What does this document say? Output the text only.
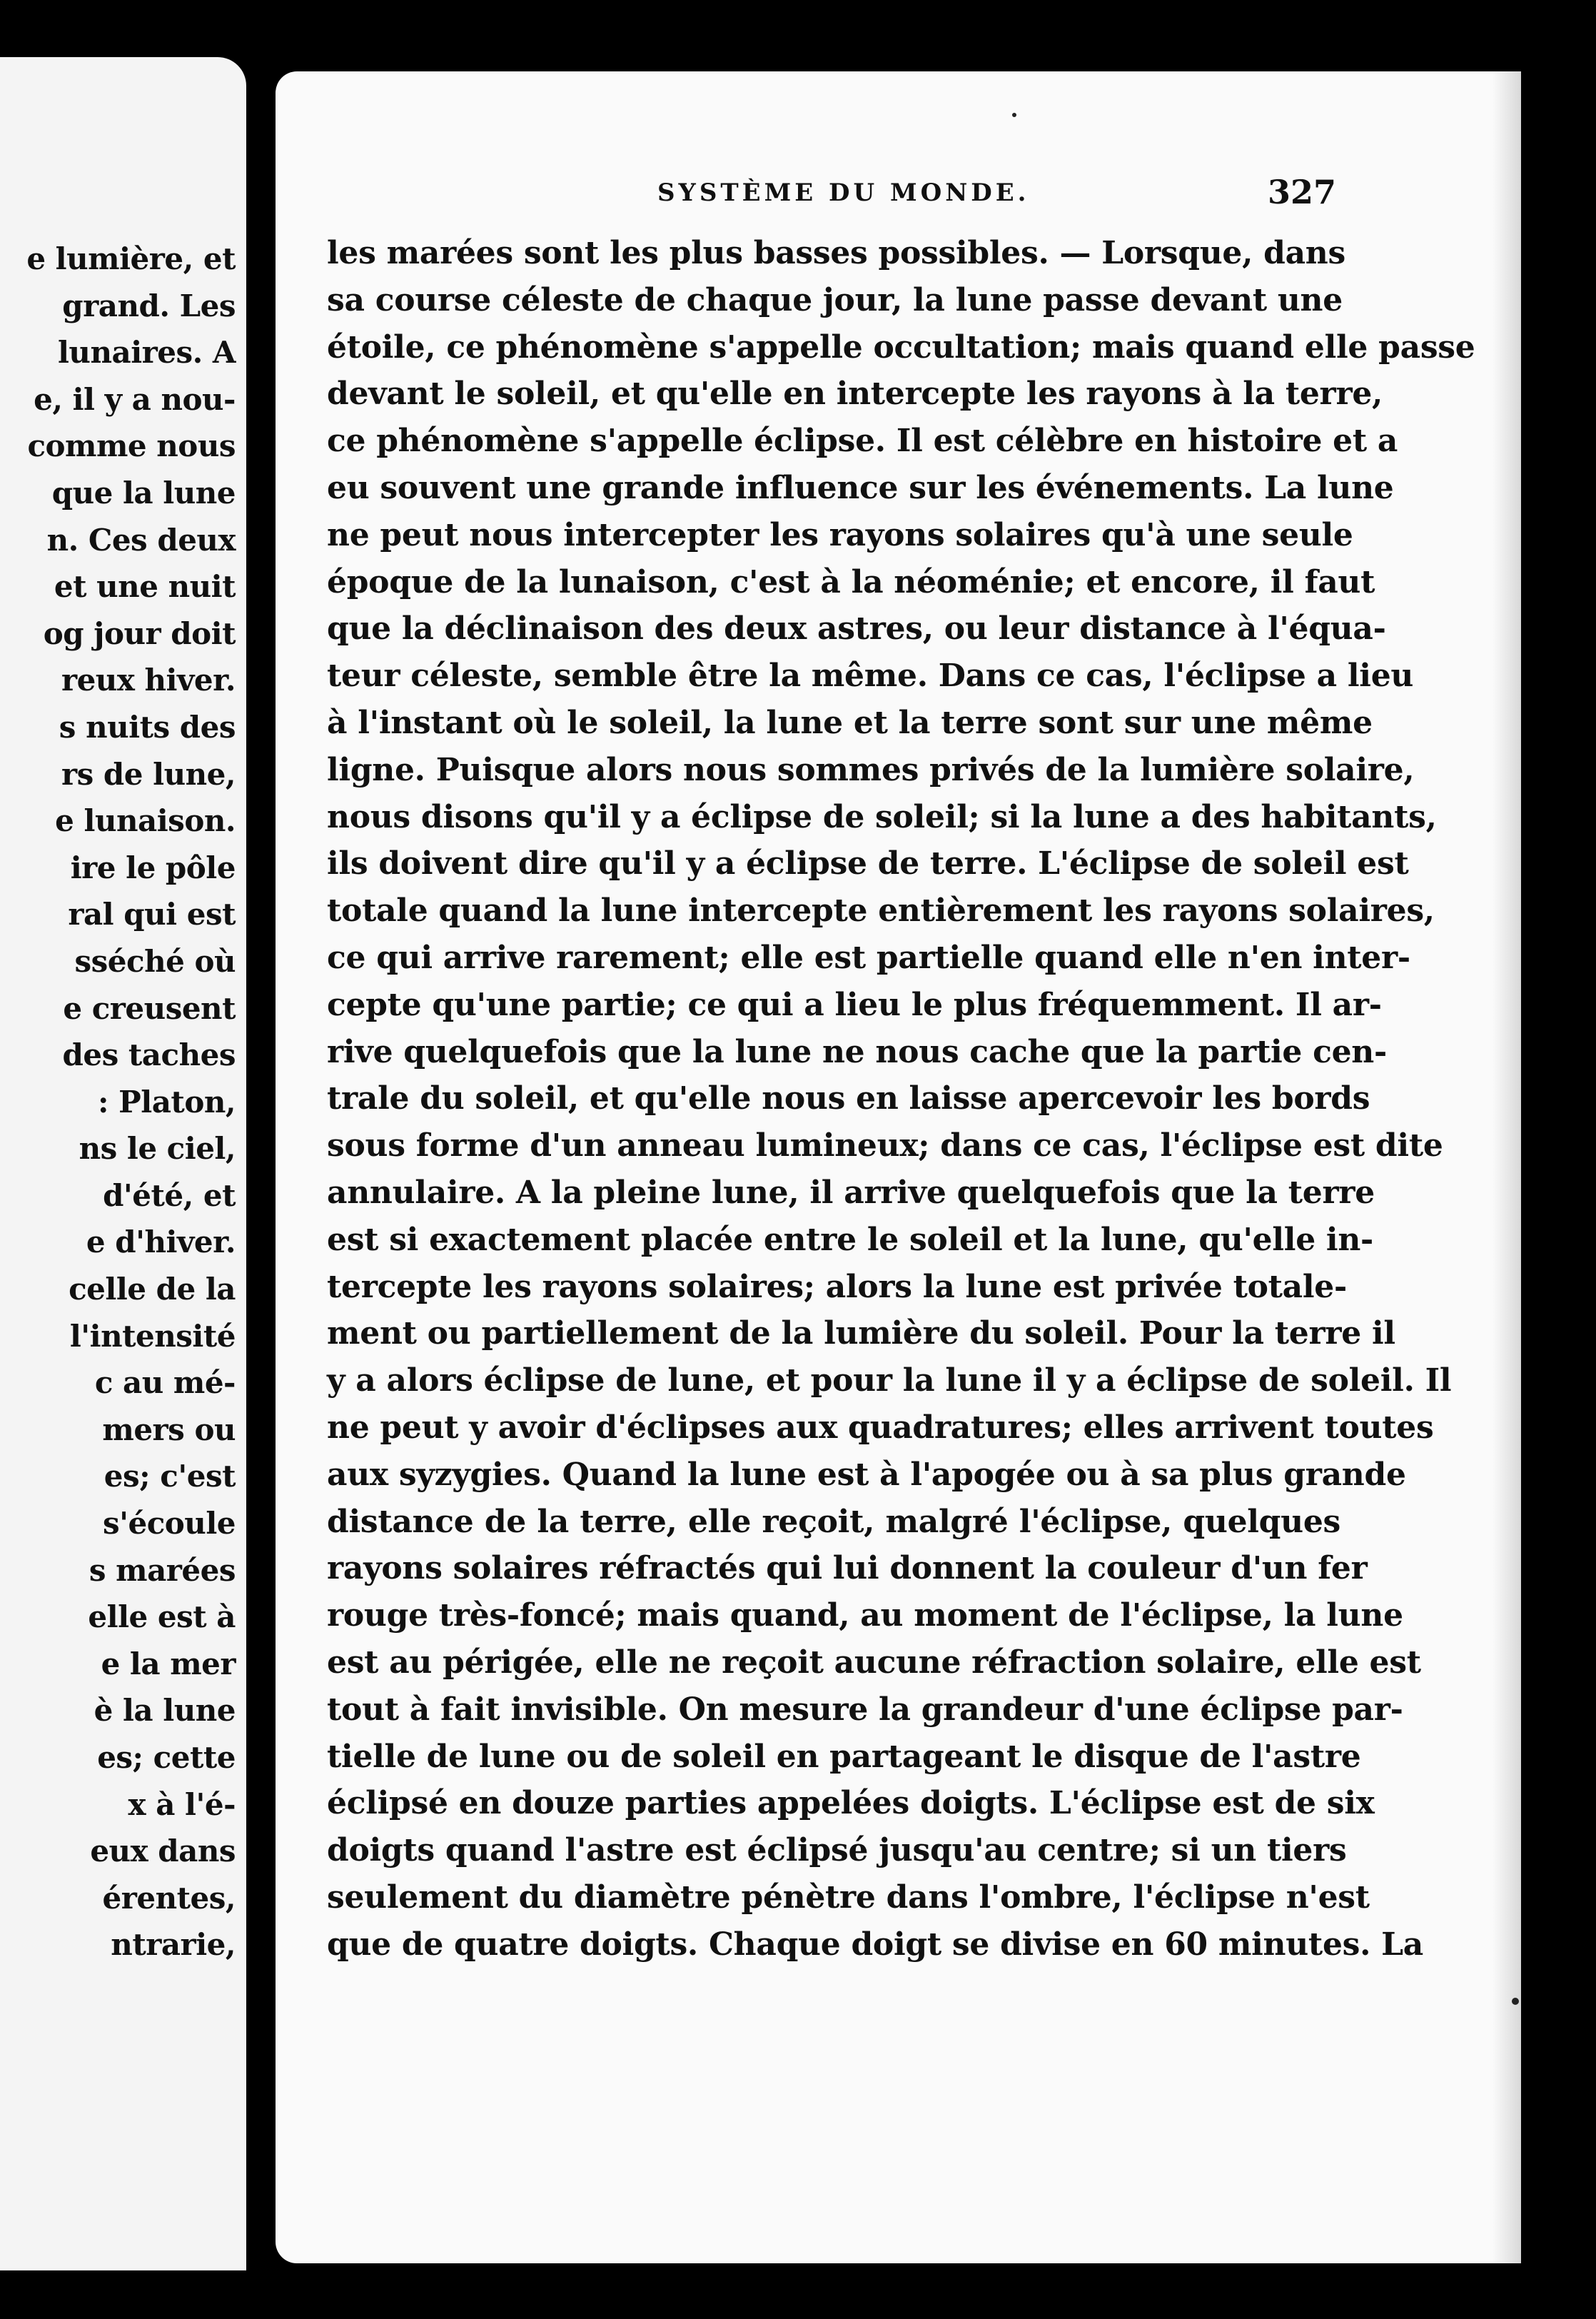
e lumière, et
grand. Les
lunaires. A
e, il y a nou-
comme nous
que la lune
n. Ces deux
et une nuit
og jour doit
reux hiver.
s nuits des
rs de lune,
e lunaison.
ire le pôle
ral qui est
sséché où
e creusent
des taches
: Platon,
ns le ciel,
d'été, et
e d'hiver.
celle de la
l'intensité
c au mé-
mers ou
es; c'est
s'écoule
s marées
elle est à
e la mer
è la lune
es; cette
x à l'é-
eux dans
érentes,
ntrarie,
SYSTÈME DU MONDE.	327
les marées sont les plus basses possibles. — Lorsque, dans
sa course céleste de chaque jour, la lune passe devant une
étoile, ce phénomène s'appelle occultation; mais quand elle passe
devant le soleil, et qu'elle en intercepte les rayons à la terre,
ce phénomène s'appelle éclipse. Il est célèbre en histoire et a
eu souvent une grande influence sur les événements. La lune
ne peut nous intercepter les rayons solaires qu'à une seule
époque de la lunaison, c'est à la néoménie; et encore, il faut
que la déclinaison des deux astres, ou leur distance à l'équa-
teur céleste, semble être la même. Dans ce cas, l'éclipse a lieu
à l'instant où le soleil, la lune et la terre sont sur une même
ligne. Puisque alors nous sommes privés de la lumière solaire,
nous disons qu'il y a éclipse de soleil; si la lune a des habitants,
ils doivent dire qu'il y a éclipse de terre. L'éclipse de soleil est
totale quand la lune intercepte entièrement les rayons solaires,
ce qui arrive rarement; elle est partielle quand elle n'en inter-
cepte qu'une partie; ce qui a lieu le plus fréquemment. Il ar-
rive quelquefois que la lune ne nous cache que la partie cen-
trale du soleil, et qu'elle nous en laisse apercevoir les bords
sous forme d'un anneau lumineux; dans ce cas, l'éclipse est dite
annulaire. A la pleine lune, il arrive quelquefois que la terre
est si exactement placée entre le soleil et la lune, qu'elle in-
tercepte les rayons solaires; alors la lune est privée totale-
ment ou partiellement de la lumière du soleil. Pour la terre il
y a alors éclipse de lune, et pour la lune il y a éclipse de soleil. Il
ne peut y avoir d'éclipses aux quadratures; elles arrivent toutes
aux syzygies. Quand la lune est à l'apogée ou à sa plus grande
distance de la terre, elle reçoit, malgré l'éclipse, quelques
rayons solaires réfractés qui lui donnent la couleur d'un fer
rouge très-foncé; mais quand, au moment de l'éclipse, la lune
est au périgée, elle ne reçoit aucune réfraction solaire, elle est
tout à fait invisible. On mesure la grandeur d'une éclipse par-
tielle de lune ou de soleil en partageant le disque de l'astre
éclipsé en douze parties appelées doigts. L'éclipse est de six
doigts quand l'astre est éclipsé jusqu'au centre; si un tiers
seulement du diamètre pénètre dans l'ombre, l'éclipse n'est
que de quatre doigts. Chaque doigt se divise en 60 minutes. La
